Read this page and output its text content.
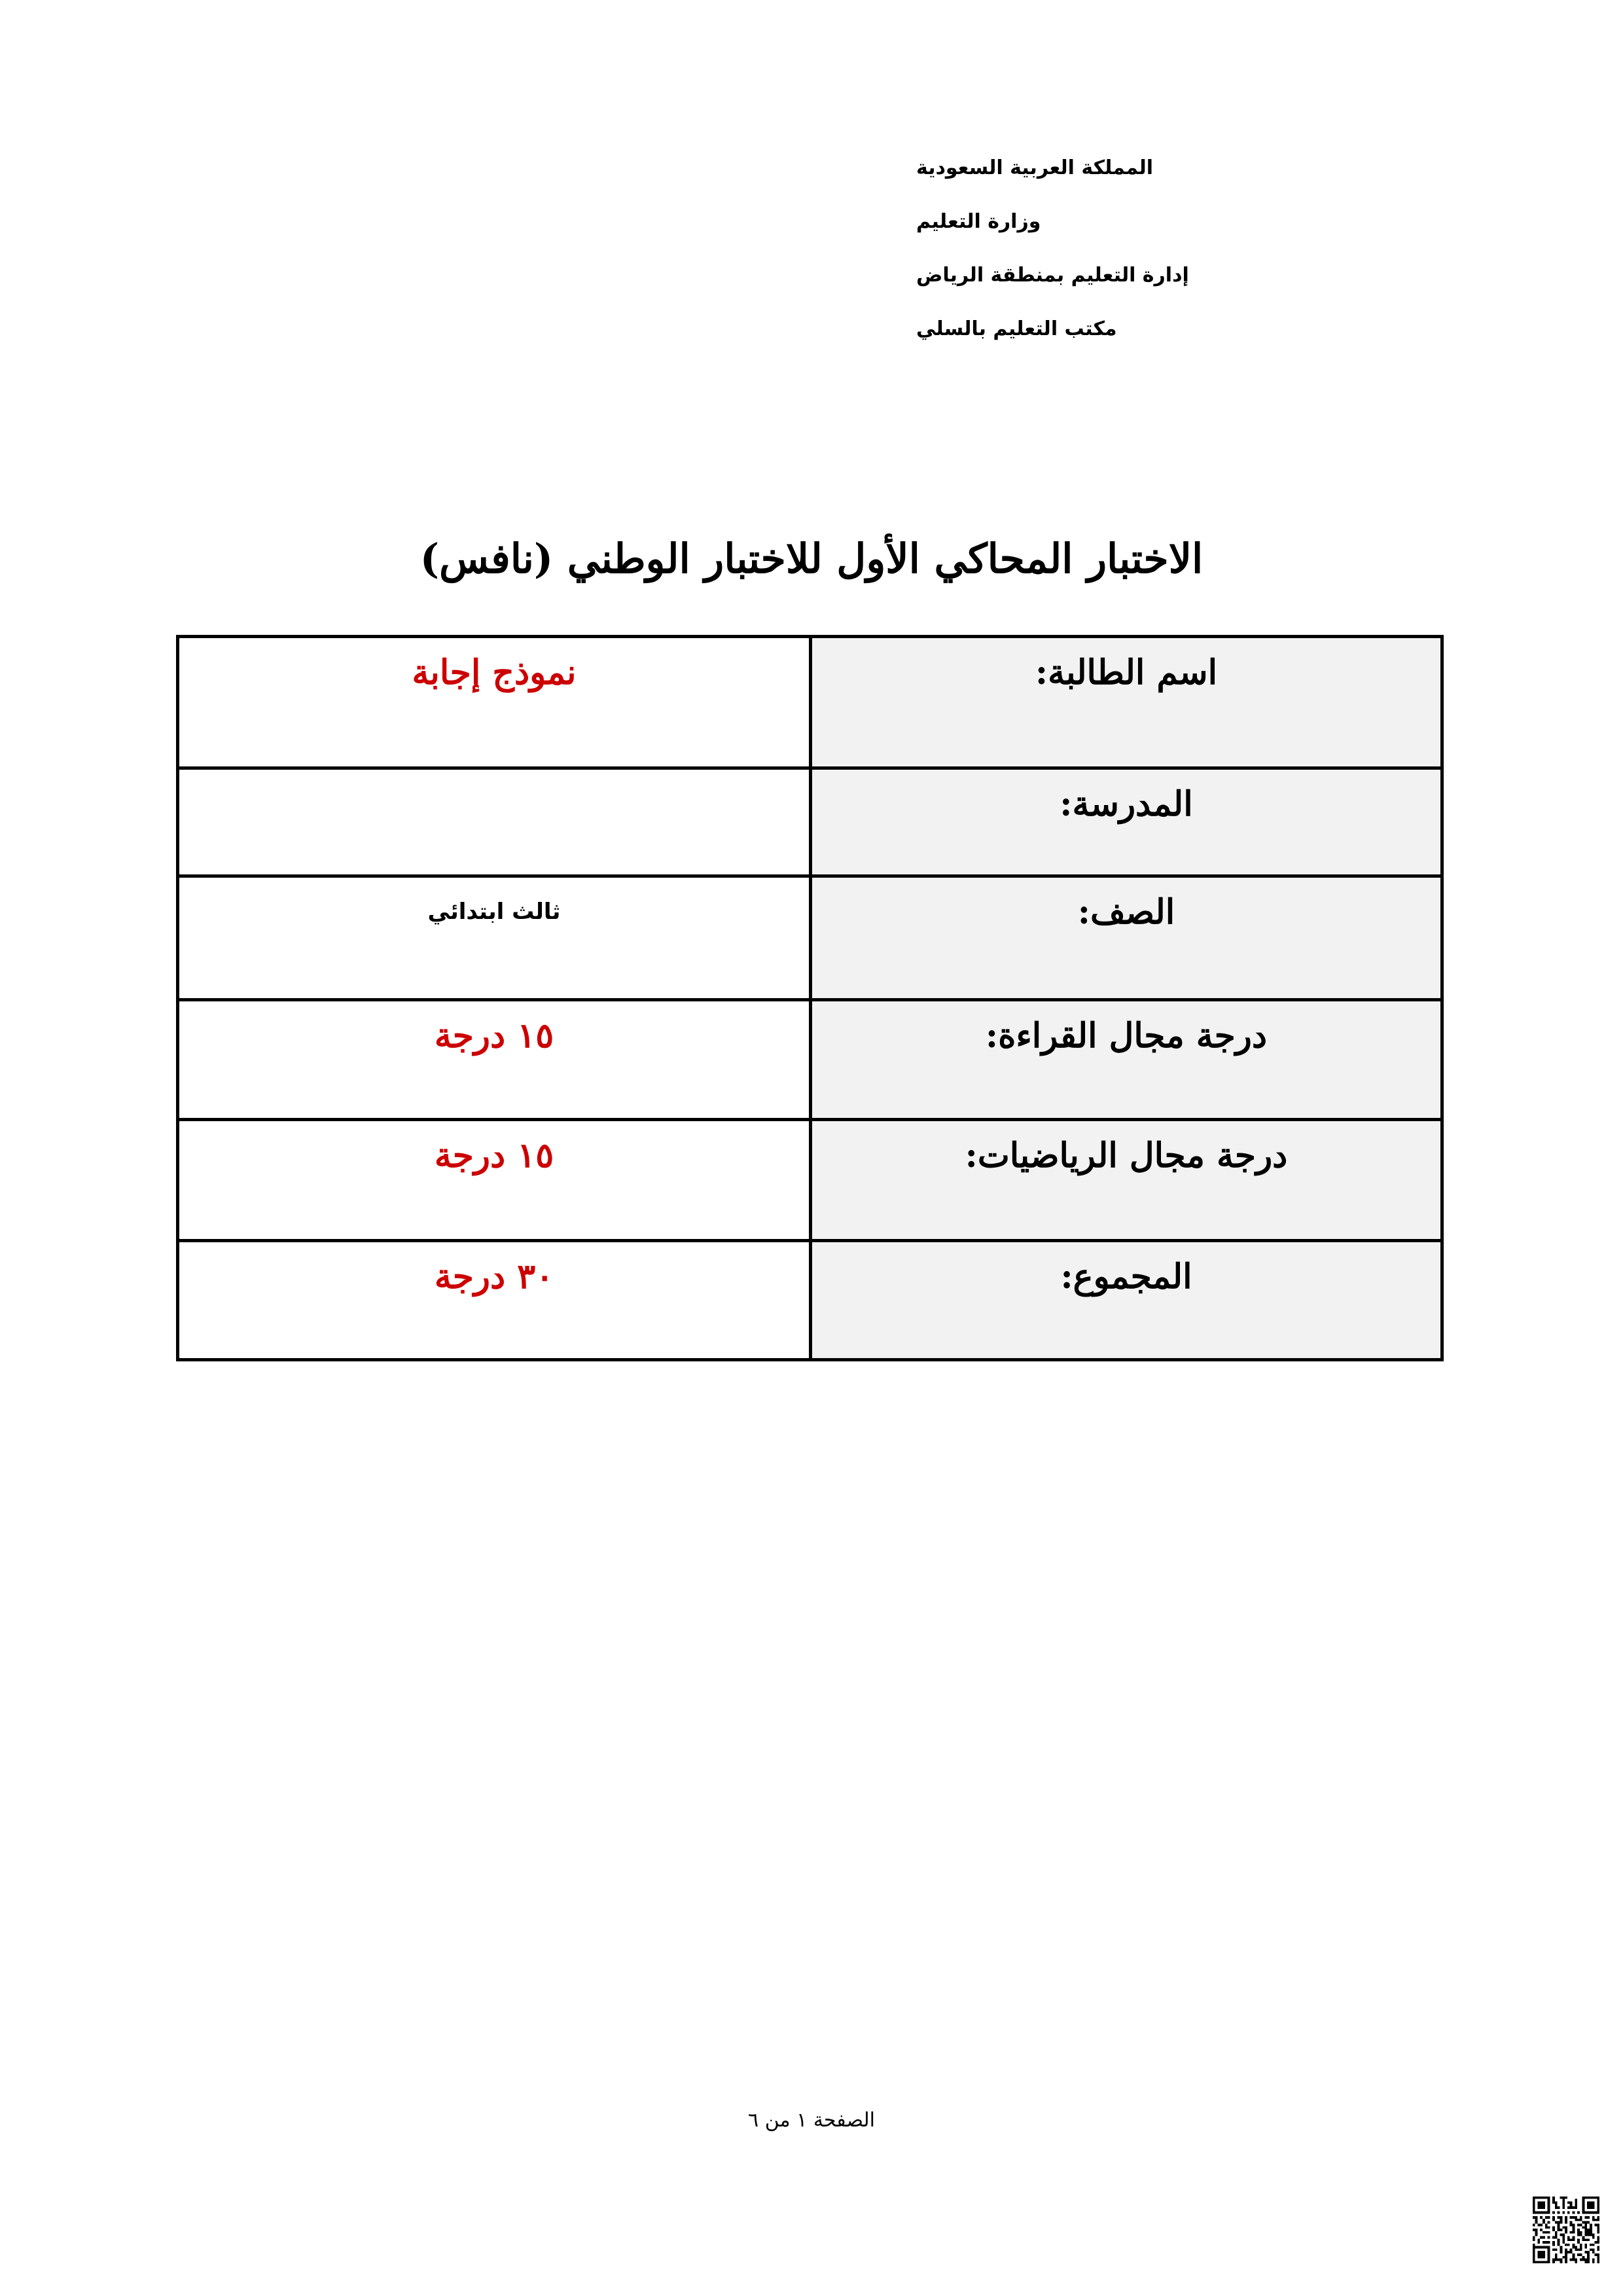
المملكة العربية السعودية
وزارة التعليم
إدارة التعليم بمنطقة الرياض
مكتب التعليم بالسلي
الاختبار المحاكي الأول للاختبار الوطني (نافس)
اسم الطالبة:	نموذج إجابة

المدرسة:	

الصف:	ثالث ابتدائي

درجة مجال القراءة:	١٥ درجة

درجة مجال الرياضيات:	١٥ درجة

المجموع:	٣٠ درجة
الصفحة ١ من ٦
